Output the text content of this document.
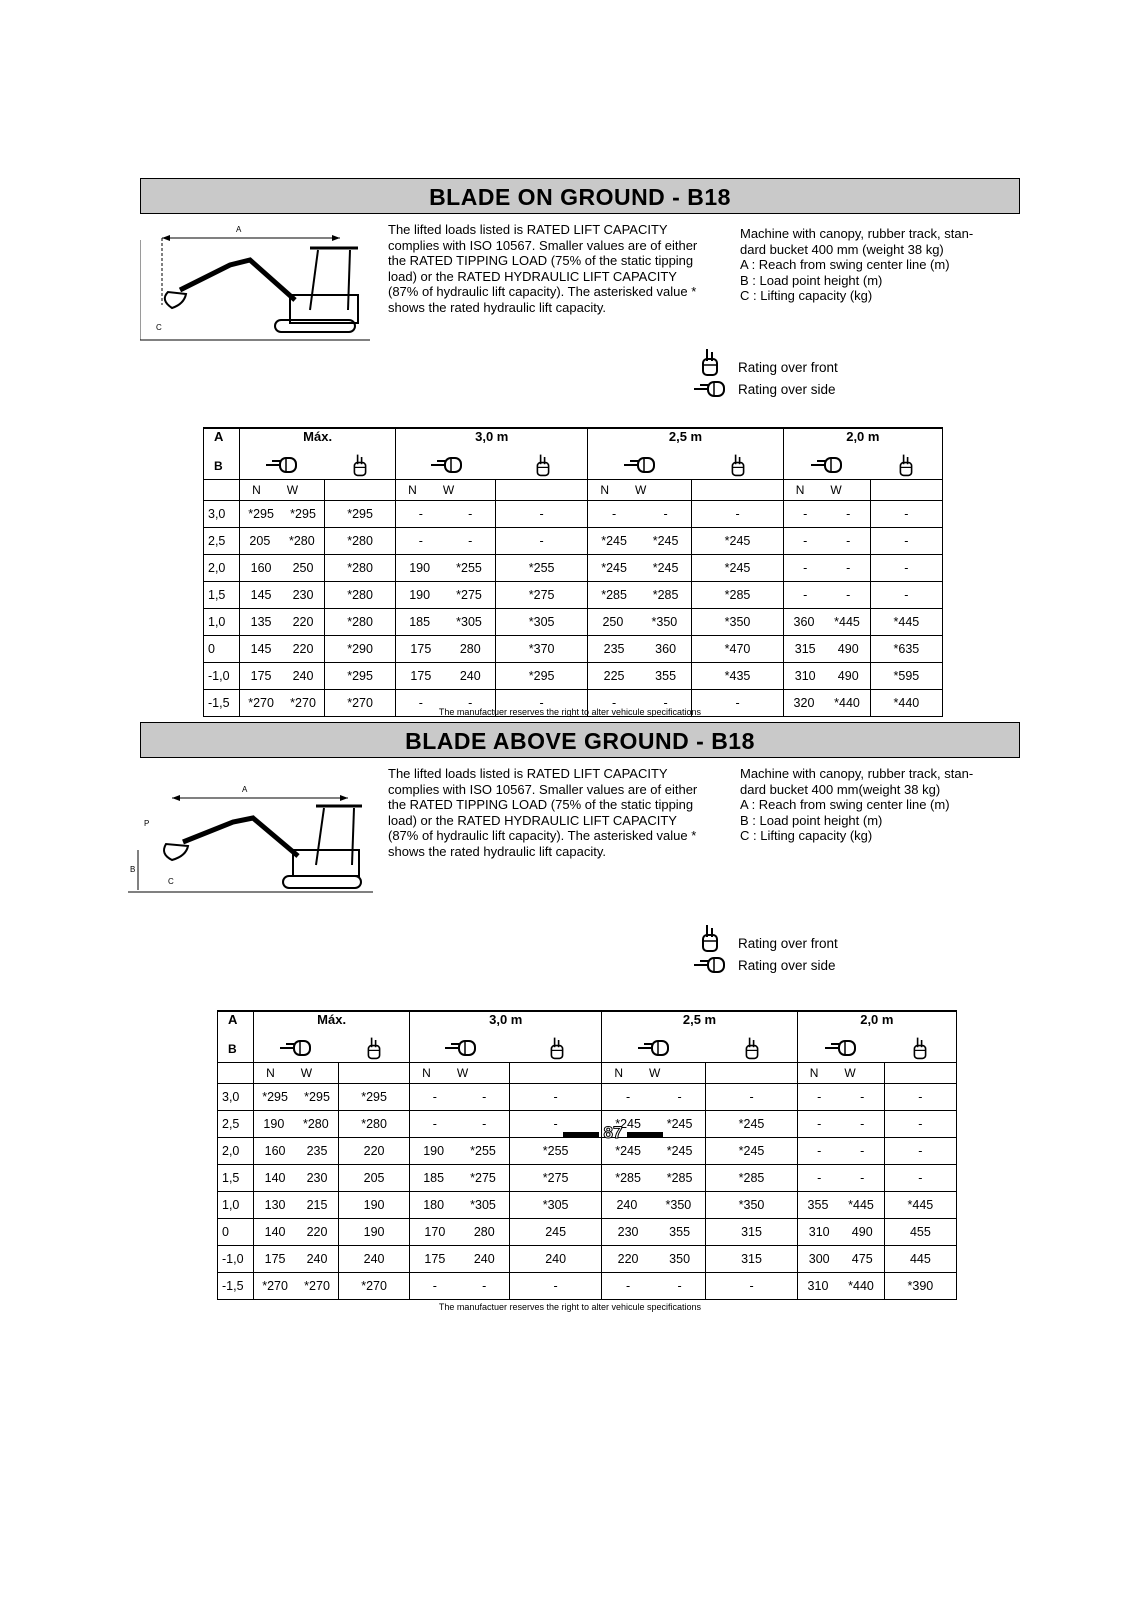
BLADE ON GROUND - B18
A
C
The lifted loads listed is RATED LIFT CAPACITY
complies with ISO 10567. Smaller values are of either
the RATED TIPPING LOAD (75% of the static tipping
load) or the RATED HYDRAULIC LIFT CAPACITY
(87% of hydraulic lift capacity). The asterisked value *
shows the rated hydraulic lift capacity.
Machine with canopy, rubber track, stan-
dard bucket 400 mm (weight 38 kg)
A : Reach from swing center line (m)
B : Load point height (m)
C : Lifting capacity (kg)
Rating over front
Rating over side
A	Máx.		3,0 m		2,5 m		2,0 m	

B	

	N W		N W		N W		N W	

3,0	*295 *295	*295	- -	-	- -	-	- -	-
2,5	205 *280	*280	- -	-	*245 *245	*245	- -	-
2,0	160 250	*280	190 *255	*255	*245 *245	*245	- -	-
1,5	145 230	*280	190 *275	*275	*285 *285	*285	- -	-
1,0	135 220	*280	185 *305	*305	250 *350	*350	360 *445	*445
0	145 220	*290	175 280	*370	235 360	*470	315 490	*635
-1,0	175 240	*295	175 240	*295	225 355	*435	310 490	*595
-1,5	*270 *270	*270	- -	-	- -	-	320 *440	*440
The manufactuer reserves the right to alter vehicule specifications
BLADE ABOVE GROUND - B18
A
P
B
C
The lifted loads listed is RATED LIFT CAPACITY
complies with ISO 10567. Smaller values are of either
the RATED TIPPING LOAD (75% of the static tipping
load) or the RATED HYDRAULIC LIFT CAPACITY
(87% of hydraulic lift capacity). The asterisked value *
shows the rated hydraulic lift capacity.
Machine with canopy, rubber track, stan-
dard bucket 400 mm(weight 38 kg)
A : Reach from swing center line (m)
B : Load point height (m)
C : Lifting capacity (kg)
Rating over front
Rating over side
A	Máx.		3,0 m		2,5 m		2,0 m	

B	

	N W		N W		N W		N W	

3,0	*295 *295	*295	- -	-	- -	-	- -	-
2,5	190 *280	*280	- -	-	*245 *245	*245	- -	-
2,0	160 235	220	190 *255	*255	*245 *245	*245	- -	-
1,5	140 230	205	185 *275	*275	*285 *285	*285	- -	-
1,0	130 215	190	180 *305	*305	240 *350	*350	355 *445	*445
0	140 220	190	170 280	245	230 355	315	310 490	455
-1,0	175 240	240	175 240	240	220 350	315	300 475	445
-1,5	*270 *270	*270	- -	-	- -	-	310 *440	*390
The manufactuer reserves the right to alter vehicule specifications
87
